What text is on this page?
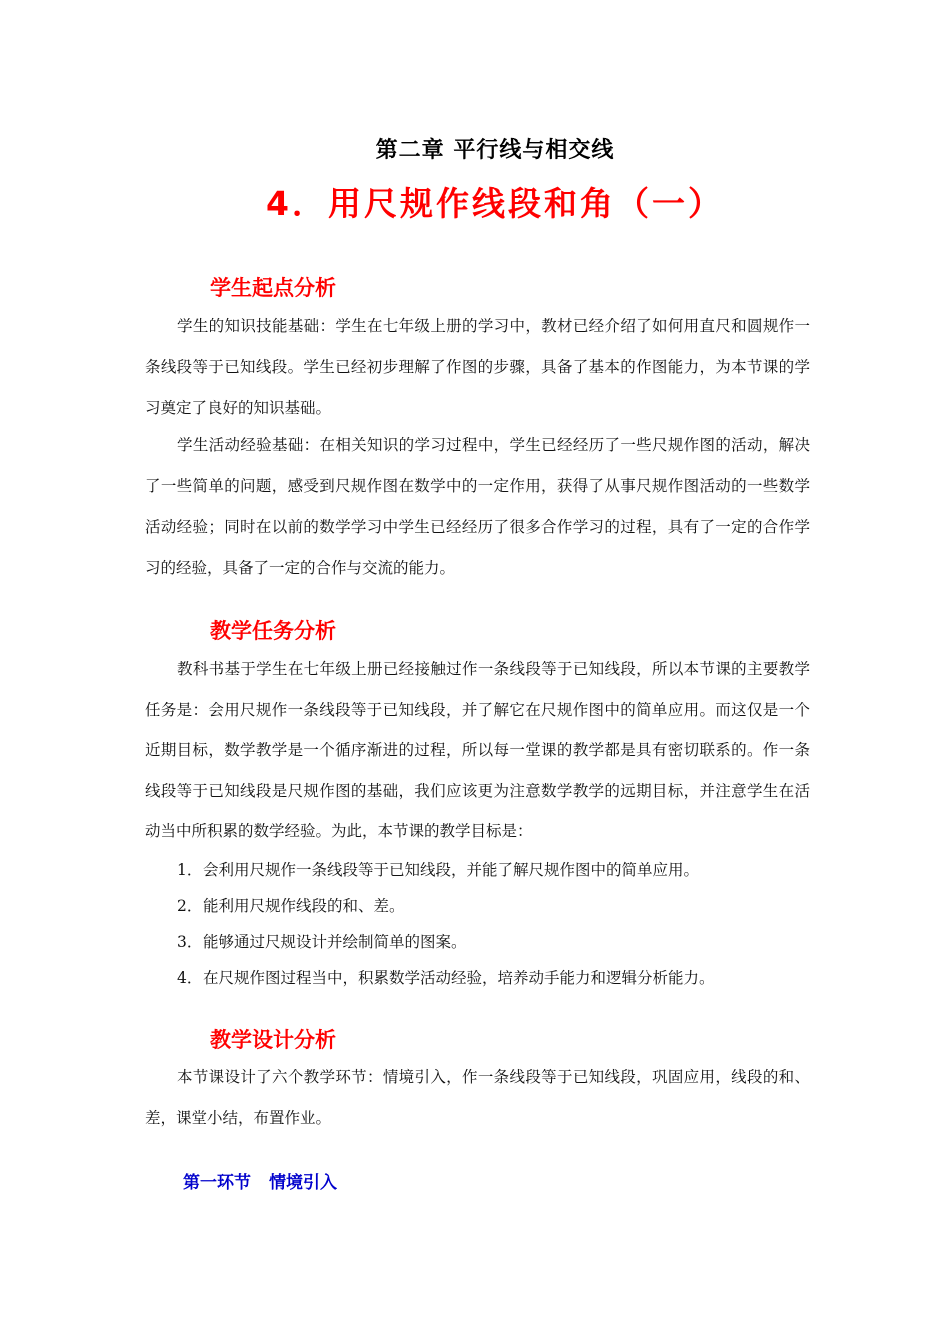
第二章 平行线与相交线
4．用尺规作线段和角（一）
学生起点分析
学生的知识技能基础：学生在七年级上册的学习中，教材已经介绍了如何用直尺和圆规作一条线段等于已知线段。学生已经初步理解了作图的步骤，具备了基本的作图能力，为本节课的学习奠定了良好的知识基础。
学生活动经验基础：在相关知识的学习过程中，学生已经经历了一些尺规作图的活动，解决了一些简单的问题，感受到尺规作图在数学中的一定作用，获得了从事尺规作图活动的一些数学活动经验；同时在以前的数学学习中学生已经经历了很多合作学习的过程，具有了一定的合作学习的经验，具备了一定的合作与交流的能力。
教学任务分析
教科书基于学生在七年级上册已经接触过作一条线段等于已知线段，所以本节课的主要教学任务是：会用尺规作一条线段等于已知线段，并了解它在尺规作图中的简单应用。而这仅是一个近期目标，数学教学是一个循序渐进的过程，所以每一堂课的教学都是具有密切联系的。作一条线段等于已知线段是尺规作图的基础，我们应该更为注意数学教学的远期目标，并注意学生在活动当中所积累的数学经验。为此，本节课的教学目标是：
1．会利用尺规作一条线段等于已知线段，并能了解尺规作图中的简单应用。
2．能利用尺规作线段的和、差。
3．能够通过尺规设计并绘制简单的图案。
4．在尺规作图过程当中，积累数学活动经验，培养动手能力和逻辑分析能力。
教学设计分析
本节课设计了六个教学环节：情境引入，作一条线段等于已知线段，巩固应用，线段的和、差，课堂小结，布置作业。
第一环节 情境引入
